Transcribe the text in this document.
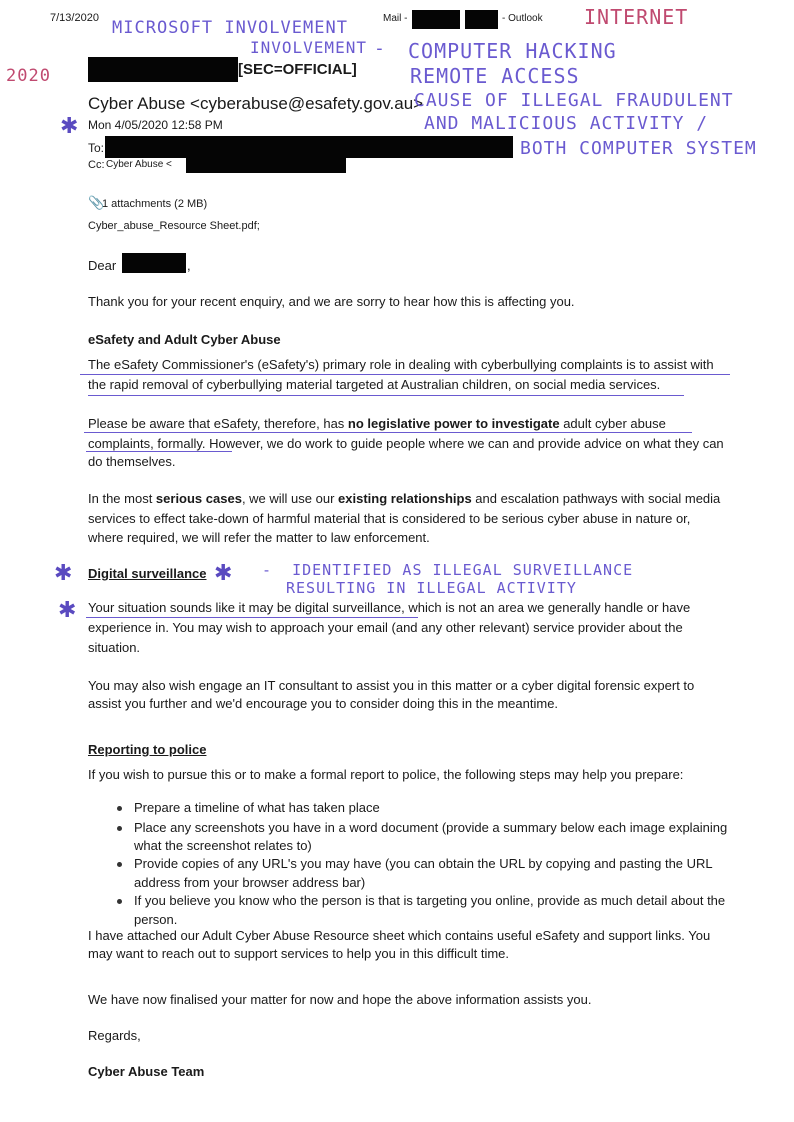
7/13/2020 MICROSOFT INVOLVEMENT	Mail -	- Outlook INTERNET
INVOLVEMENT - COMPUTER HACKING
2020	[SEC=OFFICIAL]	REMOTE ACCESS
Cyber Abuse <cyberabuse@esafety.gov.au>
CAUSE OF ILLEGAL FRAUDULENT
✱ Mon 4/05/2020 12:58 PM	AND MALICIOUS ACTIVITY /
To:	BOTH COMPUTER SYSTEM
Cc: Cyber Abuse <
📎
1 attachments (2 MB)
Cyber_abuse_Resource Sheet.pdf;
Dear	,
Thank you for your recent enquiry, and we are sorry to hear how this is affecting you.
eSafety and Adult Cyber Abuse
The eSafety Commissioner's (eSafety's) primary role in dealing with cyberbullying complaints is to assist with
the rapid removal of cyberbullying material targeted at Australian children, on social media services.
Please be aware that eSafety, therefore, has no legislative power to investigate adult cyber abuse
complaints, formally. However, we do work to guide people where we can and provide advice on what they can
do themselves.
In the most serious cases, we will use our existing relationships and escalation pathways with social media
services to effect take-down of harmful material that is considered to be serious cyber abuse in nature or,
where required, we will refer the matter to law enforcement.
✱ Digital surveillance ✱ - IDENTIFIED AS ILLEGAL SURVEILLANCE
RESULTING IN ILLEGAL ACTIVITY
✱ Your situation sounds like it may be digital surveillance, which is not an area we generally handle or have
experience in. You may wish to approach your email (and any other relevant) service provider about the
situation.
You may also wish engage an IT consultant to assist you in this matter or a cyber digital forensic expert to
assist you further and we'd encourage you to consider doing this in the meantime.
Reporting to police
If you wish to pursue this or to make a formal report to police, the following steps may help you prepare:
Prepare a timeline of what has taken place
Place any screenshots you have in a word document (provide a summary below each image explaining
what the screenshot relates to)
Provide copies of any URL's you may have (you can obtain the URL by copying and pasting the URL
address from your browser address bar)
If you believe you know who the person is that is targeting you online, provide as much detail about the
person.
I have attached our Adult Cyber Abuse Resource sheet which contains useful eSafety and support links. You
may want to reach out to support services to help you in this difficult time.
We have now finalised your matter for now and hope the above information assists you.
Regards,
Cyber Abuse Team
